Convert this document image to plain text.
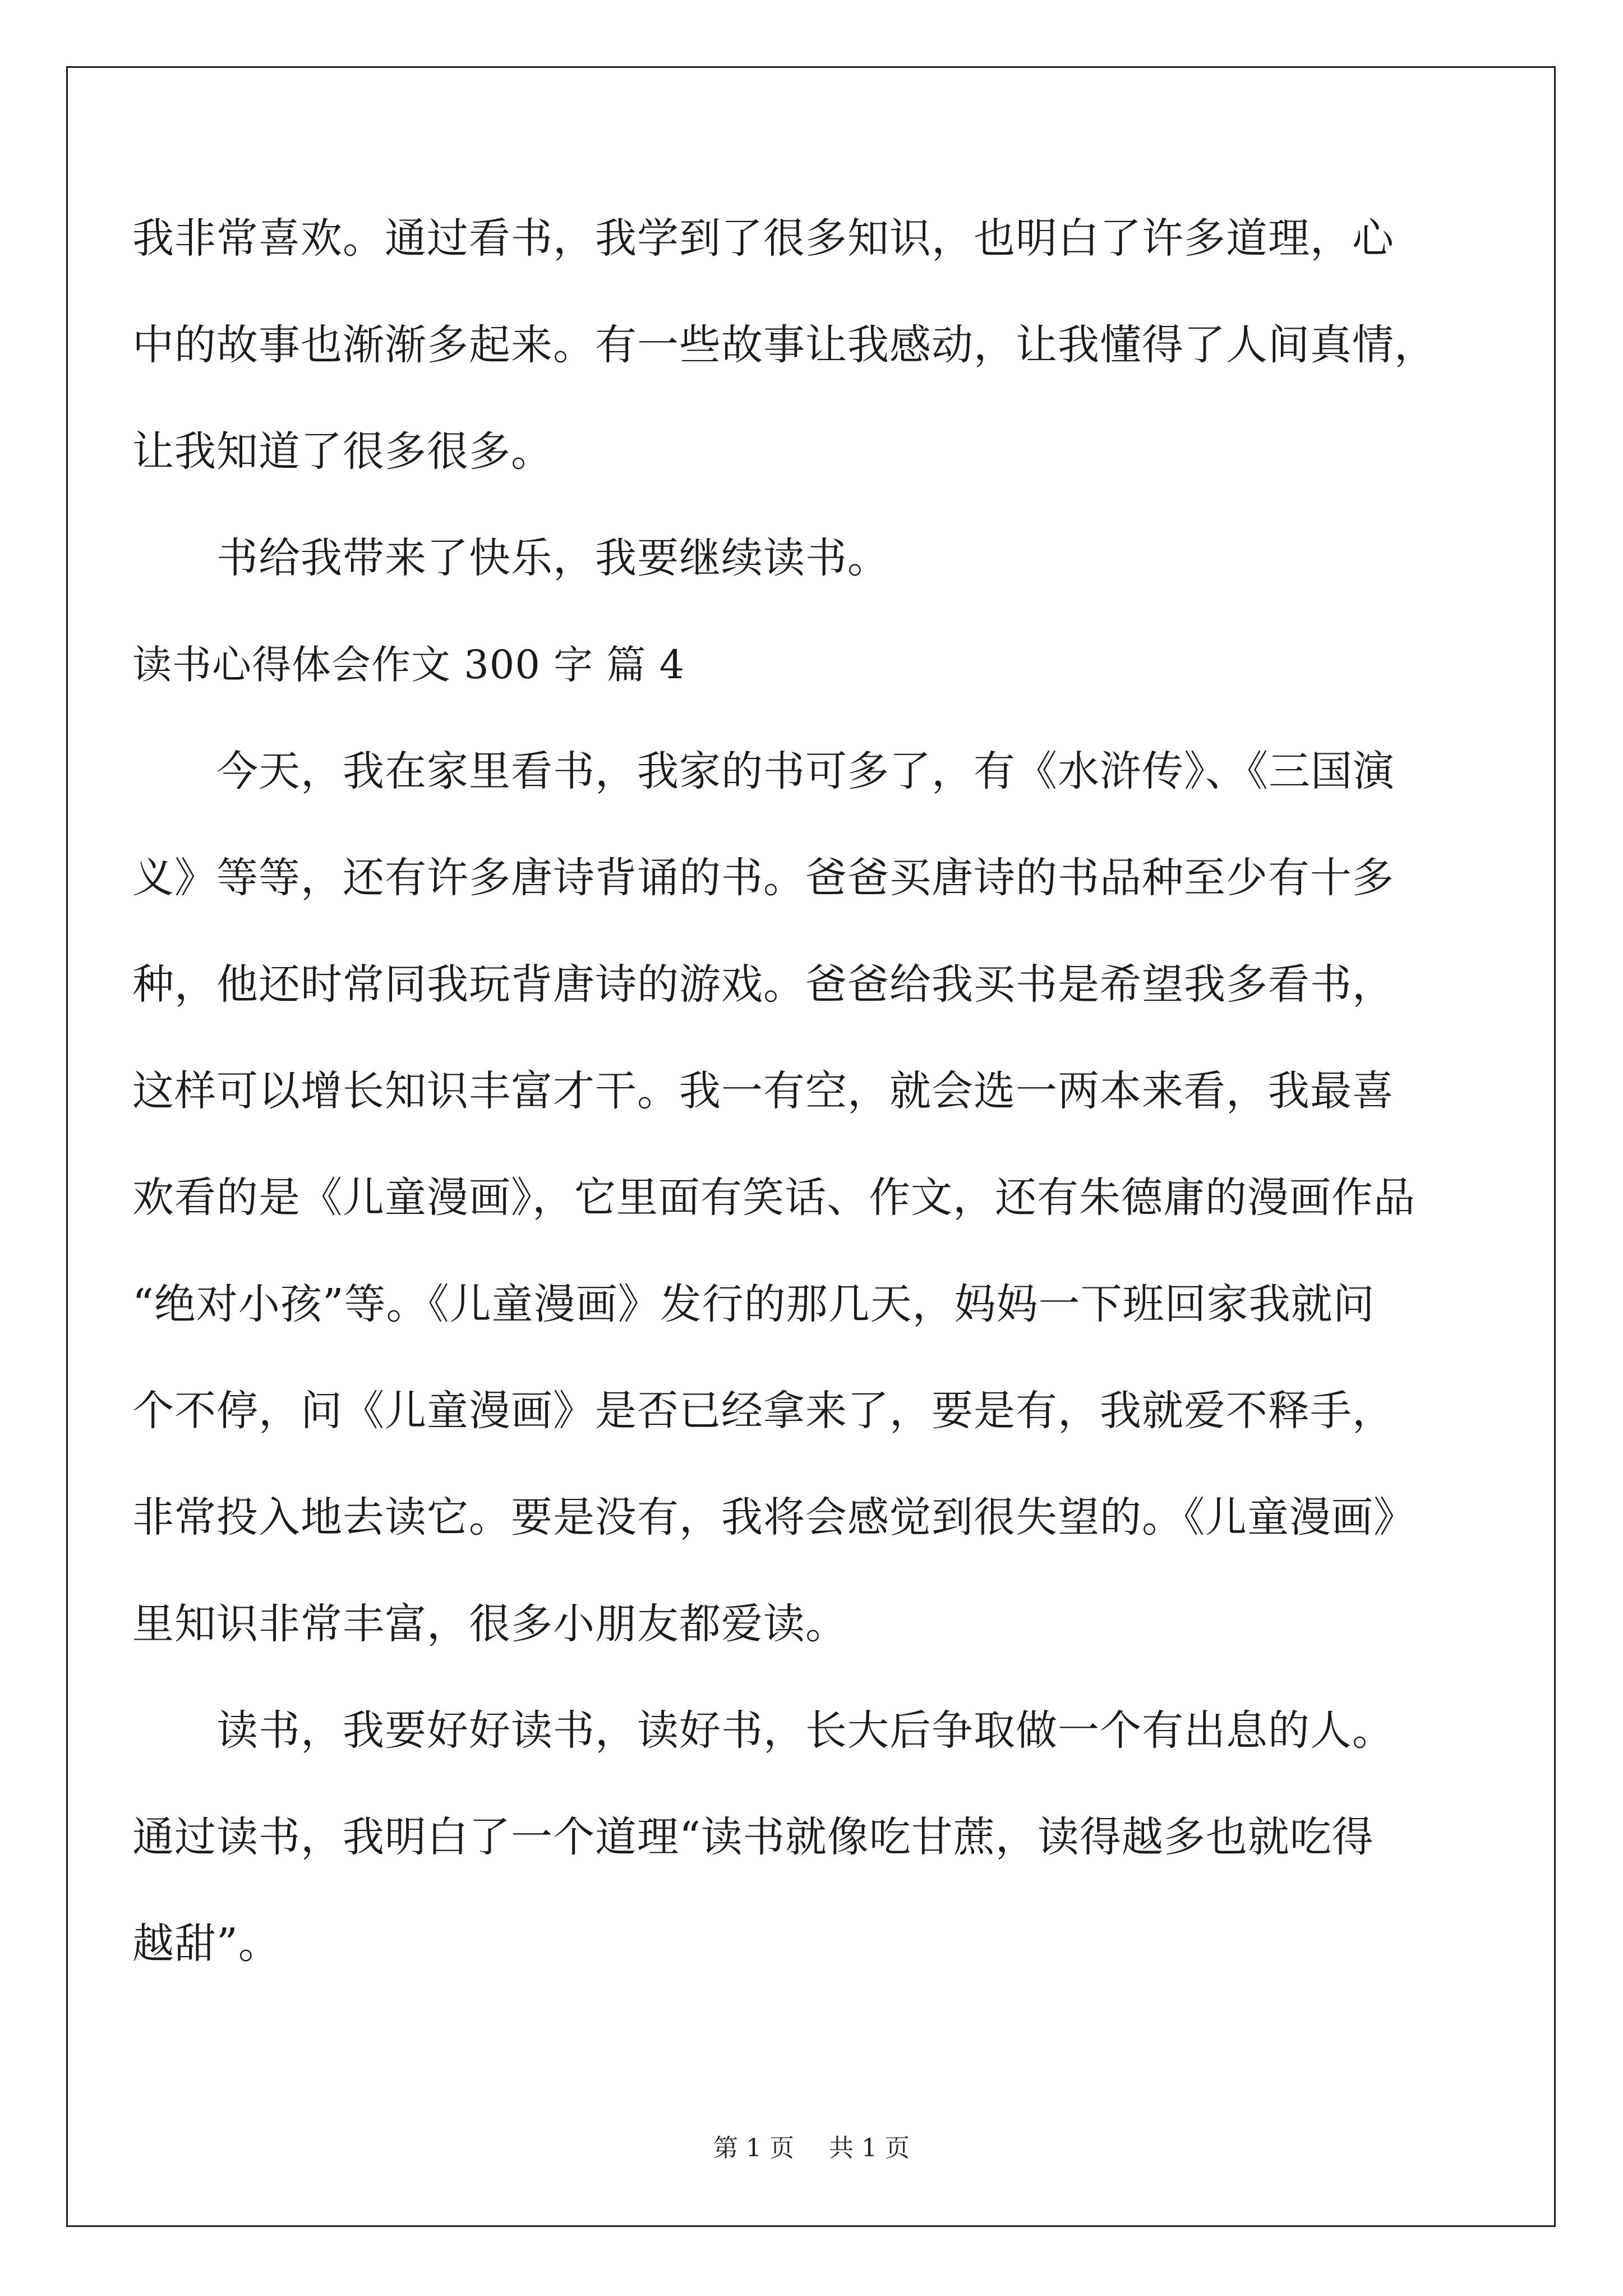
我非常喜欢。通过看书，我学到了很多知识，也明白了许多道理，心
中的故事也渐渐多起来。有一些故事让我感动，让我懂得了人间真情，
让我知道了很多很多。
书给我带来了快乐，我要继续读书。
读书心得体会作文 300 字 篇 4
今天，我在家里看书，我家的书可多了，有《水浒传》、《三国演
义》等等，还有许多唐诗背诵的书。爸爸买唐诗的书品种至少有十多
种，他还时常同我玩背唐诗的游戏。爸爸给我买书是希望我多看书，
这样可以增长知识丰富才干。我一有空，就会选一两本来看，我最喜
欢看的是《儿童漫画》，它里面有笑话、作文，还有朱德庸的漫画作品
“绝对小孩”等。《儿童漫画》发行的那几天，妈妈一下班回家我就问
个不停，问《儿童漫画》是否已经拿来了，要是有，我就爱不释手，
非常投入地去读它。要是没有，我将会感觉到很失望的。《儿童漫画》
里知识非常丰富，很多小朋友都爱读。
读书，我要好好读书，读好书，长大后争取做一个有出息的人。
通过读书，我明白了一个道理“读书就像吃甘蔗，读得越多也就吃得
越甜”。
第 1 页 共 1 页
